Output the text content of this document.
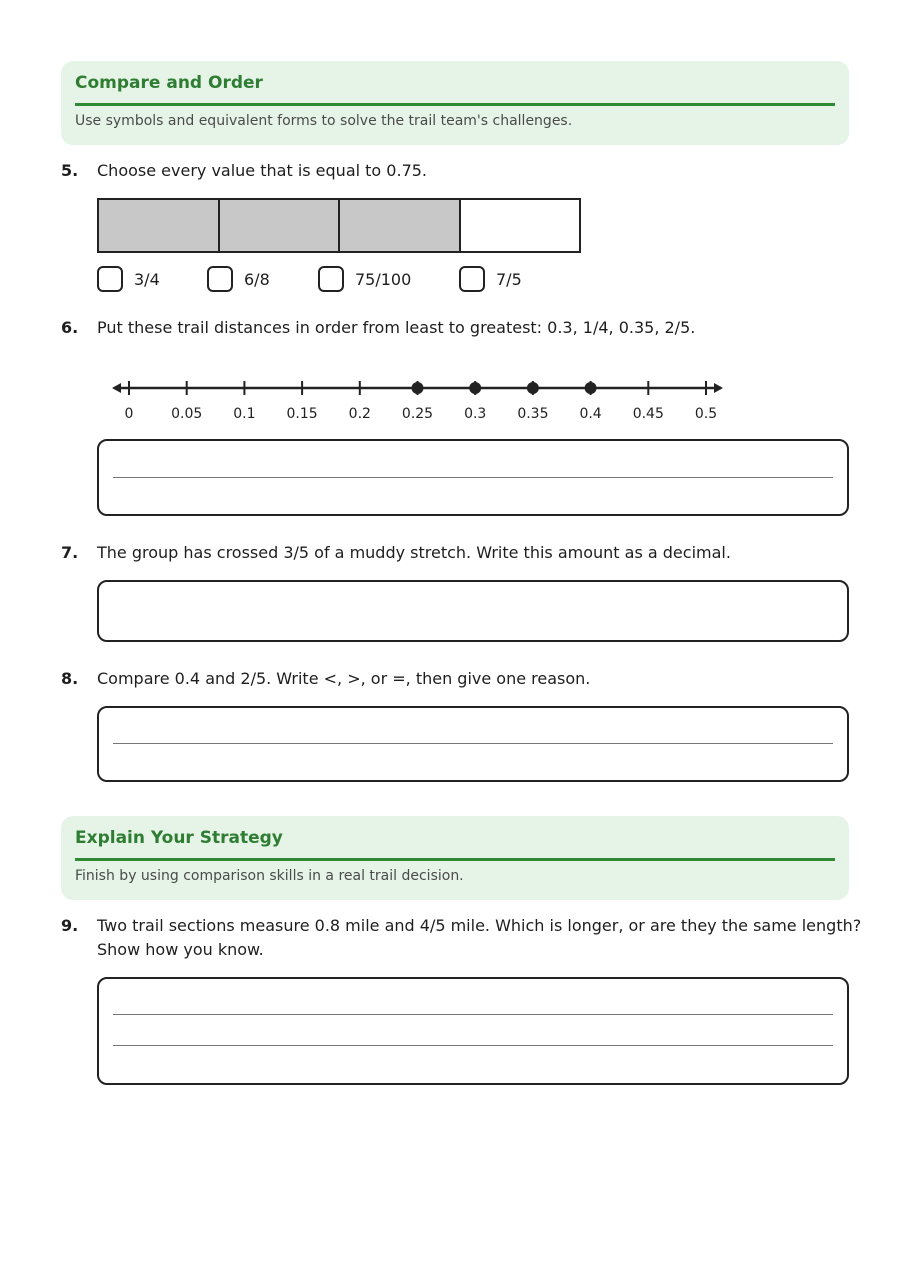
Compare and Order
Use symbols and equivalent forms to solve the trail team's challenges.
5. Choose every value that is equal to 0.75.
3/4	6/8	75/100	7/5
6. Put these trail distances in order from least to greatest: 0.3, 1/4, 0.35, 2/5.
0	0.05 0.1 0.15 0.2 0.25 0.3 0.35 0.4 0.45 0.5
7. The group has crossed 3/5 of a muddy stretch. Write this amount as a decimal.
8. Compare 0.4 and 2/5. Write <, >, or =, then give one reason.
Explain Your Strategy
Finish by using comparison skills in a real trail decision.
9. Two trail sections measure 0.8 mile and 4/5 mile. Which is longer, or are they the same length?
Show how you know.
